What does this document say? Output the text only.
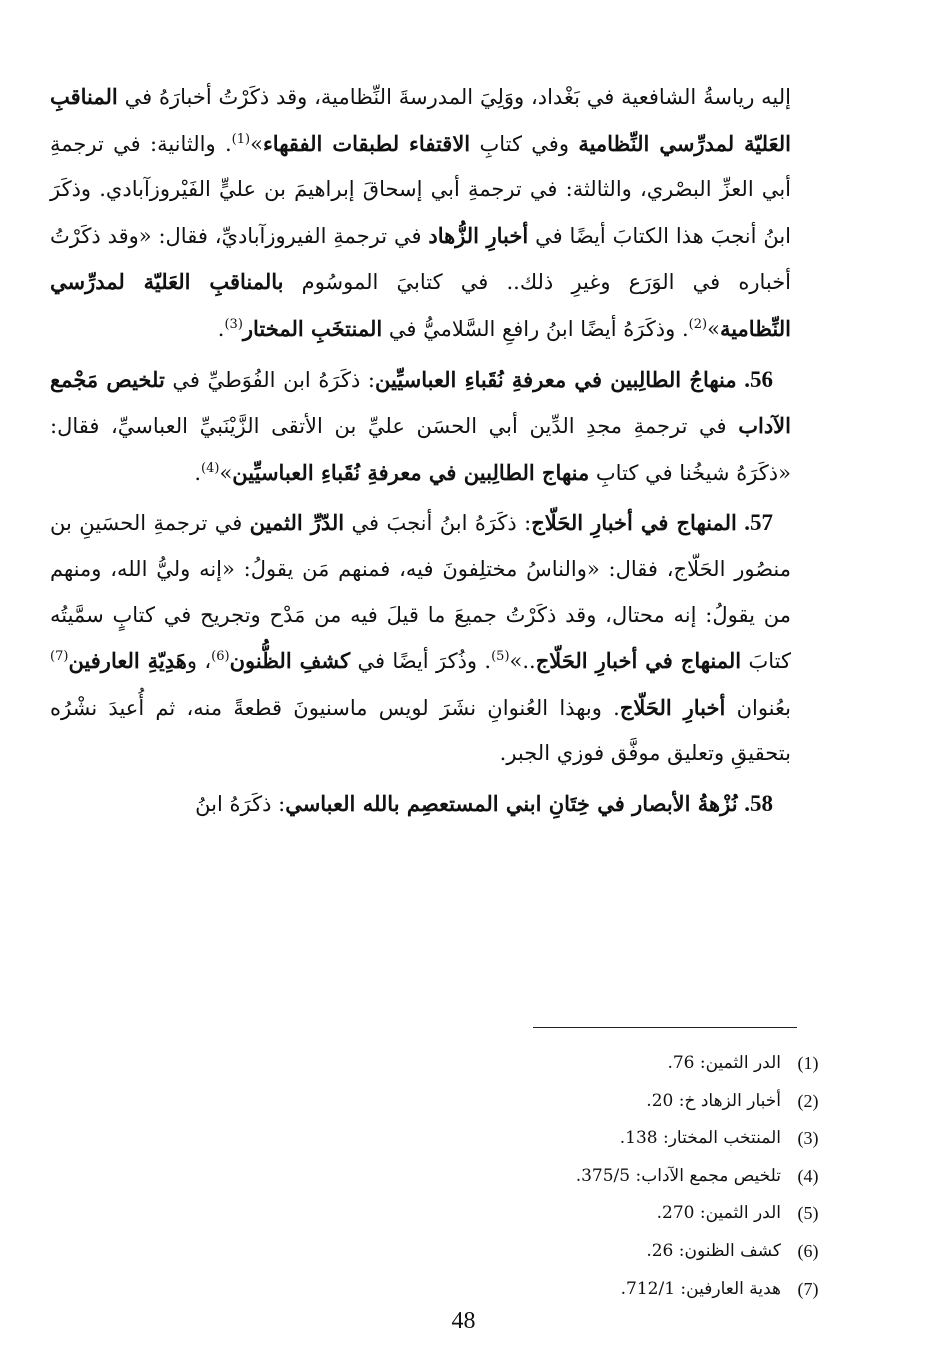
إليه رياسةُ الشافعية في بَغْداد، ووَلِيَ المدرسةَ النِّظامية، وقد ذكَرْتُ أخبارَهُ في المناقبِ العَليّة لمدرِّسي النِّظامية وفي كتابِ الاقتفاء لطبقات الفقهاء»$^{(1)}$. والثانية: في ترجمةِ أبي العزِّ البصْري، والثالثة: في ترجمةِ أبي إسحاقَ إبراهيمَ بن عليٍّ الفَيْروزآبادي. وذكَرَ ابنُ أنجبَ هذا الكتابَ أيضًا في أخبارِ الزُّهاد في ترجمةِ الفيروزآباديِّ، فقال: «وقد ذكَرْتُ أخباره في الوَرَع وغيرِ ذلك.. في كتابيَ الموسُوم بالمناقبِ العَليّة لمدرِّسي النِّظامية»$^{(2)}$. وذكَرَهُ أيضًا ابنُ رافعِ السَّلاميُّ في المنتخَبِ المختار$^{(3)}$.

56. منهاجُ الطالِبين في معرفةِ نُقَباءِ العباسيِّين: ذكَرَهُ ابن الفُوَطيِّ في تلخيص مَجْمع الآداب في ترجمةِ مجدِ الدِّين أبي الحسَن عليِّ بن الأتقى الزَّيْنَبيِّ العباسيِّ، فقال: «ذكَرَهُ شيخُنا في كتابِ منهاج الطالِبين في معرفةِ نُقَباءِ العباسيِّين»$^{(4)}$.

57. المنهاج في أخبارِ الحَلّاج: ذكَرَهُ ابنُ أنجبَ في الدّرِّ الثمين في ترجمةِ الحسَينِ بن منصُور الحَلّاج، فقال: «والناسُ مختلِفونَ فيه، فمنهم مَن يقولُ: «إنه وليُّ الله، ومنهم من يقولُ: إنه محتال، وقد ذكَرْتُ جميعَ ما قيلَ فيه من مَدْح وتجريح في كتابٍ سمَّيتُه كتابَ المنهاج في أخبارِ الحَلّاج..»$^{(5)}$. وذُكرَ أيضًا في كشفِ الظُّنون$^{(6)}$، وهَدِيّةِ العارفين$^{(7)}$ بعُنوان أخبارِ الحَلّاج. وبهذا العُنوانِ نشَرَ لويس ماسنيونَ قطعةً منه، ثم أُعيدَ نشْرُه بتحقيقِ وتعليق موفَّق فوزي الجبر.

58. نُزْهةُ الأبصار في خِتَانِ ابني المستعصِم بالله العباسي: ذكَرَهُ ابنُ

(1)
الدر الثمين: 76.
(2)
أخبار الزهاد خ: 20.
(3)
المنتخب المختار: 138.
(4)
تلخيص مجمع الآداب: 375/5.
(5)
الدر الثمين: 270.
(6)
كشف الظنون: 26.
(7)
هدية العارفين: 712/1.
48
